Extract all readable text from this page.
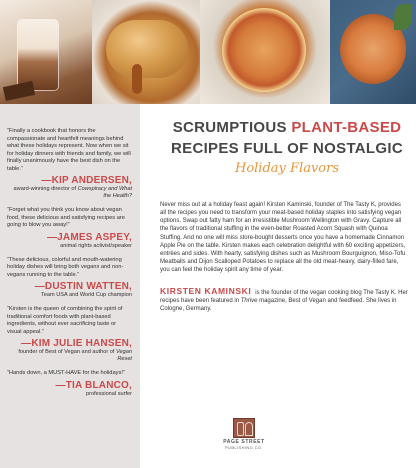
“Finally a cookbook that honors the compassionate and heartfelt meanings behind what these holidays represent. Now when we sit for holiday dinners with friends and family, we will finally unanimously have the best dish on the table.”
—KIP ANDERSEN,
award-winning director of Cowspiracy and What the Health?
“Forget what you think you know about vegan food, these delicious and satisfying recipes are going to blow you away!”
—JAMES ASPEY,
animal rights activist/speaker
“These delicious, colorful and mouth-watering holiday dishes will bring both vegans and non-vegans running to the table.”
—DUSTIN WATTEN,
Team USA and World Cup champion
“Kirsten is the queen of combining the spirit of traditional comfort foods with plant-based ingredients, without ever sacrificing taste or visual appeal.”
—KIM JULIE HANSEN,
founder of Best of Vegan and author of Vegan Reset
“Hands down, a MUST-HAVE for the holidays!”
—TIA BLANCO,
professional surfer
SCRUMPTIOUS PLANT-BASED
RECIPES FULL OF NOSTALGIC
Holiday Flavors
Never miss out at a holiday feast again! Kirsten Kaminski, founder of The Tasty K, provides all the recipes you need to transform your meat-based holiday staples into satisfying vegan options. Swap out fatty ham for an irresistible Mushroom Wellington with Gravy. Capture all the flavors of traditional stuffing in the even-better Roasted Acorn Squash with Quinoa Stuffing. And no one will miss store-bought desserts once you have a homemade Cinnamon Apple Pie on the table. Kirsten makes each celebration delightful with 60 exciting appetizers, entrées and sides. With hearty, satisfying dishes such as Mushroom Bourguignon, Miso-Tofu Meatballs and Dijon Scalloped Potatoes to replace all the old meat-heavy, dairy-filled fare, you can feel the holiday spirit any time of year.
KIRSTEN KAMINSKI is the founder of the vegan cooking blog The Tasty K. Her recipes have been featured in Thrive magazine, Best of Vegan and feedfeed. She lives in Cologne, Germany.
PAGE STREET
PUBLISHING CO.
